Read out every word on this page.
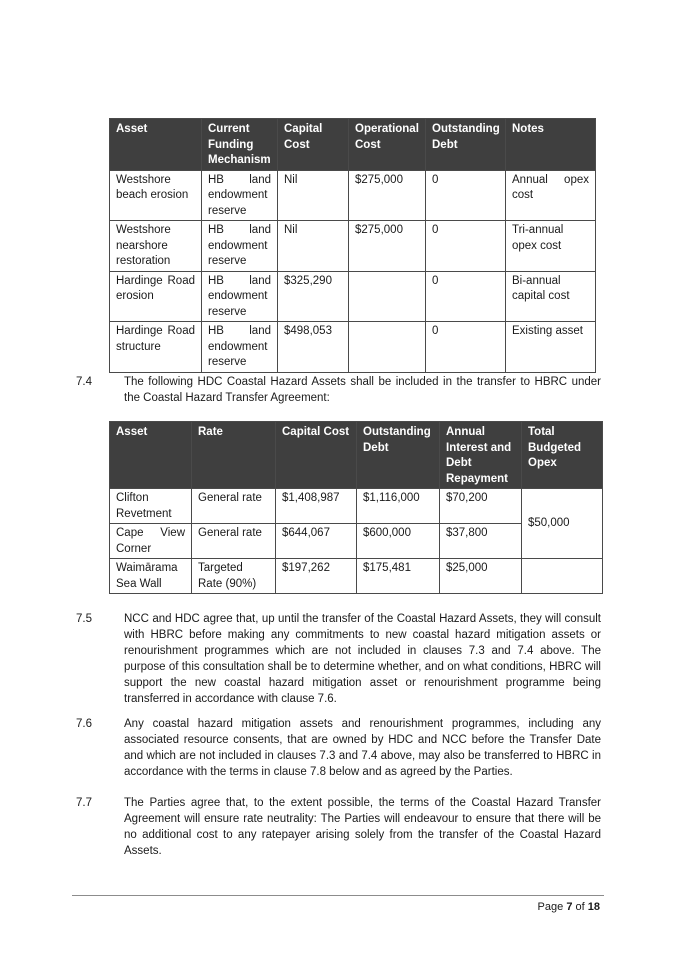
Asset	Current Funding Mechanism	Capital Cost	Operational Cost	Outstanding Debt	Notes
Westshore beach erosion	HB land endowment reserve	Nil	$275,000	0	Annual opex cost
Westshore nearshore restoration	HB land endowment reserve	Nil	$275,000	0	Tri-annual opex cost
Hardinge Road erosion	HB land endowment reserve	$325,290		0	Bi-annual capital cost
Hardinge Road structure	HB land endowment reserve	$498,053		0	Existing asset
7.4	The following HDC Coastal Hazard Assets shall be included in the transfer to HBRC under the Coastal Hazard Transfer Agreement:
Asset	Rate	Capital Cost	Outstanding Debt	Annual Interest and Debt Repayment	Total Budgeted Opex
Clifton Revetment	General rate	$1,408,987	$1,116,000	$70,200	$50,000
Cape View Corner	General rate	$644,067	$600,000	$37,800	
Waimārama Sea Wall	Targeted Rate (90%)	$197,262	$175,481	$25,000	
7.5	NCC and HDC agree that, up until the transfer of the Coastal Hazard Assets, they will consult with HBRC before making any commitments to new coastal hazard mitigation assets or renourishment programmes which are not included in clauses 7.3 and 7.4 above. The purpose of this consultation shall be to determine whether, and on what conditions, HBRC will support the new coastal hazard mitigation asset or renourishment programme being transferred in accordance with clause 7.6.
7.6	Any coastal hazard mitigation assets and renourishment programmes, including any associated resource consents, that are owned by HDC and NCC before the Transfer Date and which are not included in clauses 7.3 and 7.4 above, may also be transferred to HBRC in accordance with the terms in clause 7.8 below and as agreed by the Parties.
7.7	The Parties agree that, to the extent possible, the terms of the Coastal Hazard Transfer Agreement will ensure rate neutrality: The Parties will endeavour to ensure that there will be no additional cost to any ratepayer arising solely from the transfer of the Coastal Hazard Assets.
Page 7 of 18
